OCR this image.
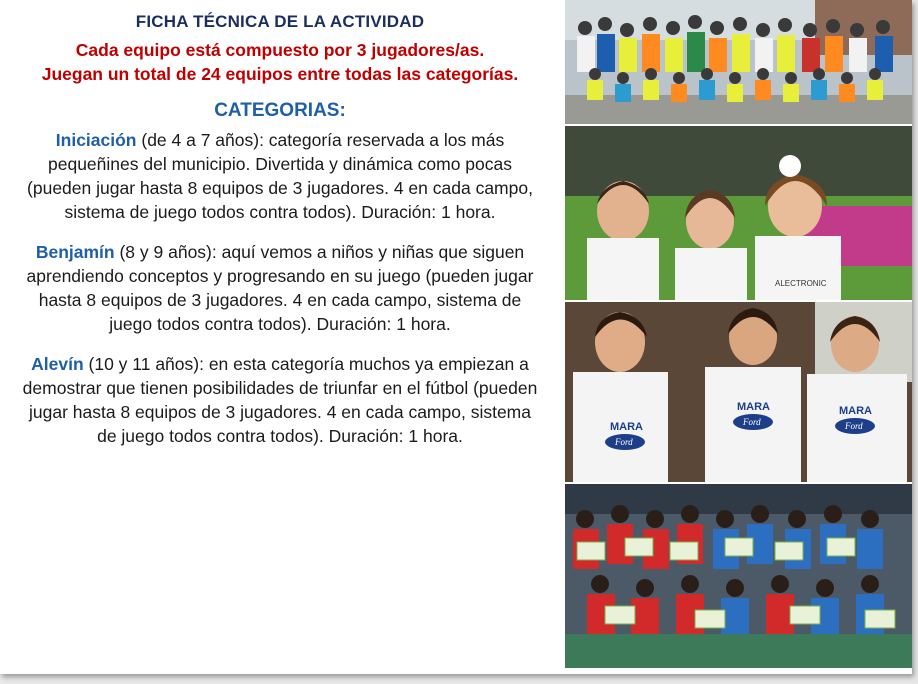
FICHA TÉCNICA DE LA ACTIVIDAD

Cada equipo está compuesto por 3 jugadores/as.

Juegan un total de 24 equipos entre todas las categorías.

CATEGORIAS:

Iniciación (de 4 a 7 años): categoría reservada a los más pequeñines del municipio. Divertida y dinámica como pocas (pueden jugar hasta 8 equipos de 3 jugadores. 4 en cada campo, sistema de juego todos contra todos). Duración: 1 hora.

Benjamín (8 y 9 años): aquí vemos a niños y niñas que siguen aprendiendo conceptos y progresando en su juego (pueden jugar hasta 8 equipos de 3 jugadores. 4 en cada campo, sistema de juego todos contra todos). Duración: 1 hora.

Alevín (10 y 11 años): en esta categoría muchos ya empiezan a demostrar que tienen posibilidades de triunfar en el fútbol (pueden jugar hasta 8 equipos de 3 jugadores. 4 en cada campo, sistema de juego todos contra todos). Duración: 1 hora.

ALECTRONIC
MARA
MARA	MARA
Ford
Ford	Ford
